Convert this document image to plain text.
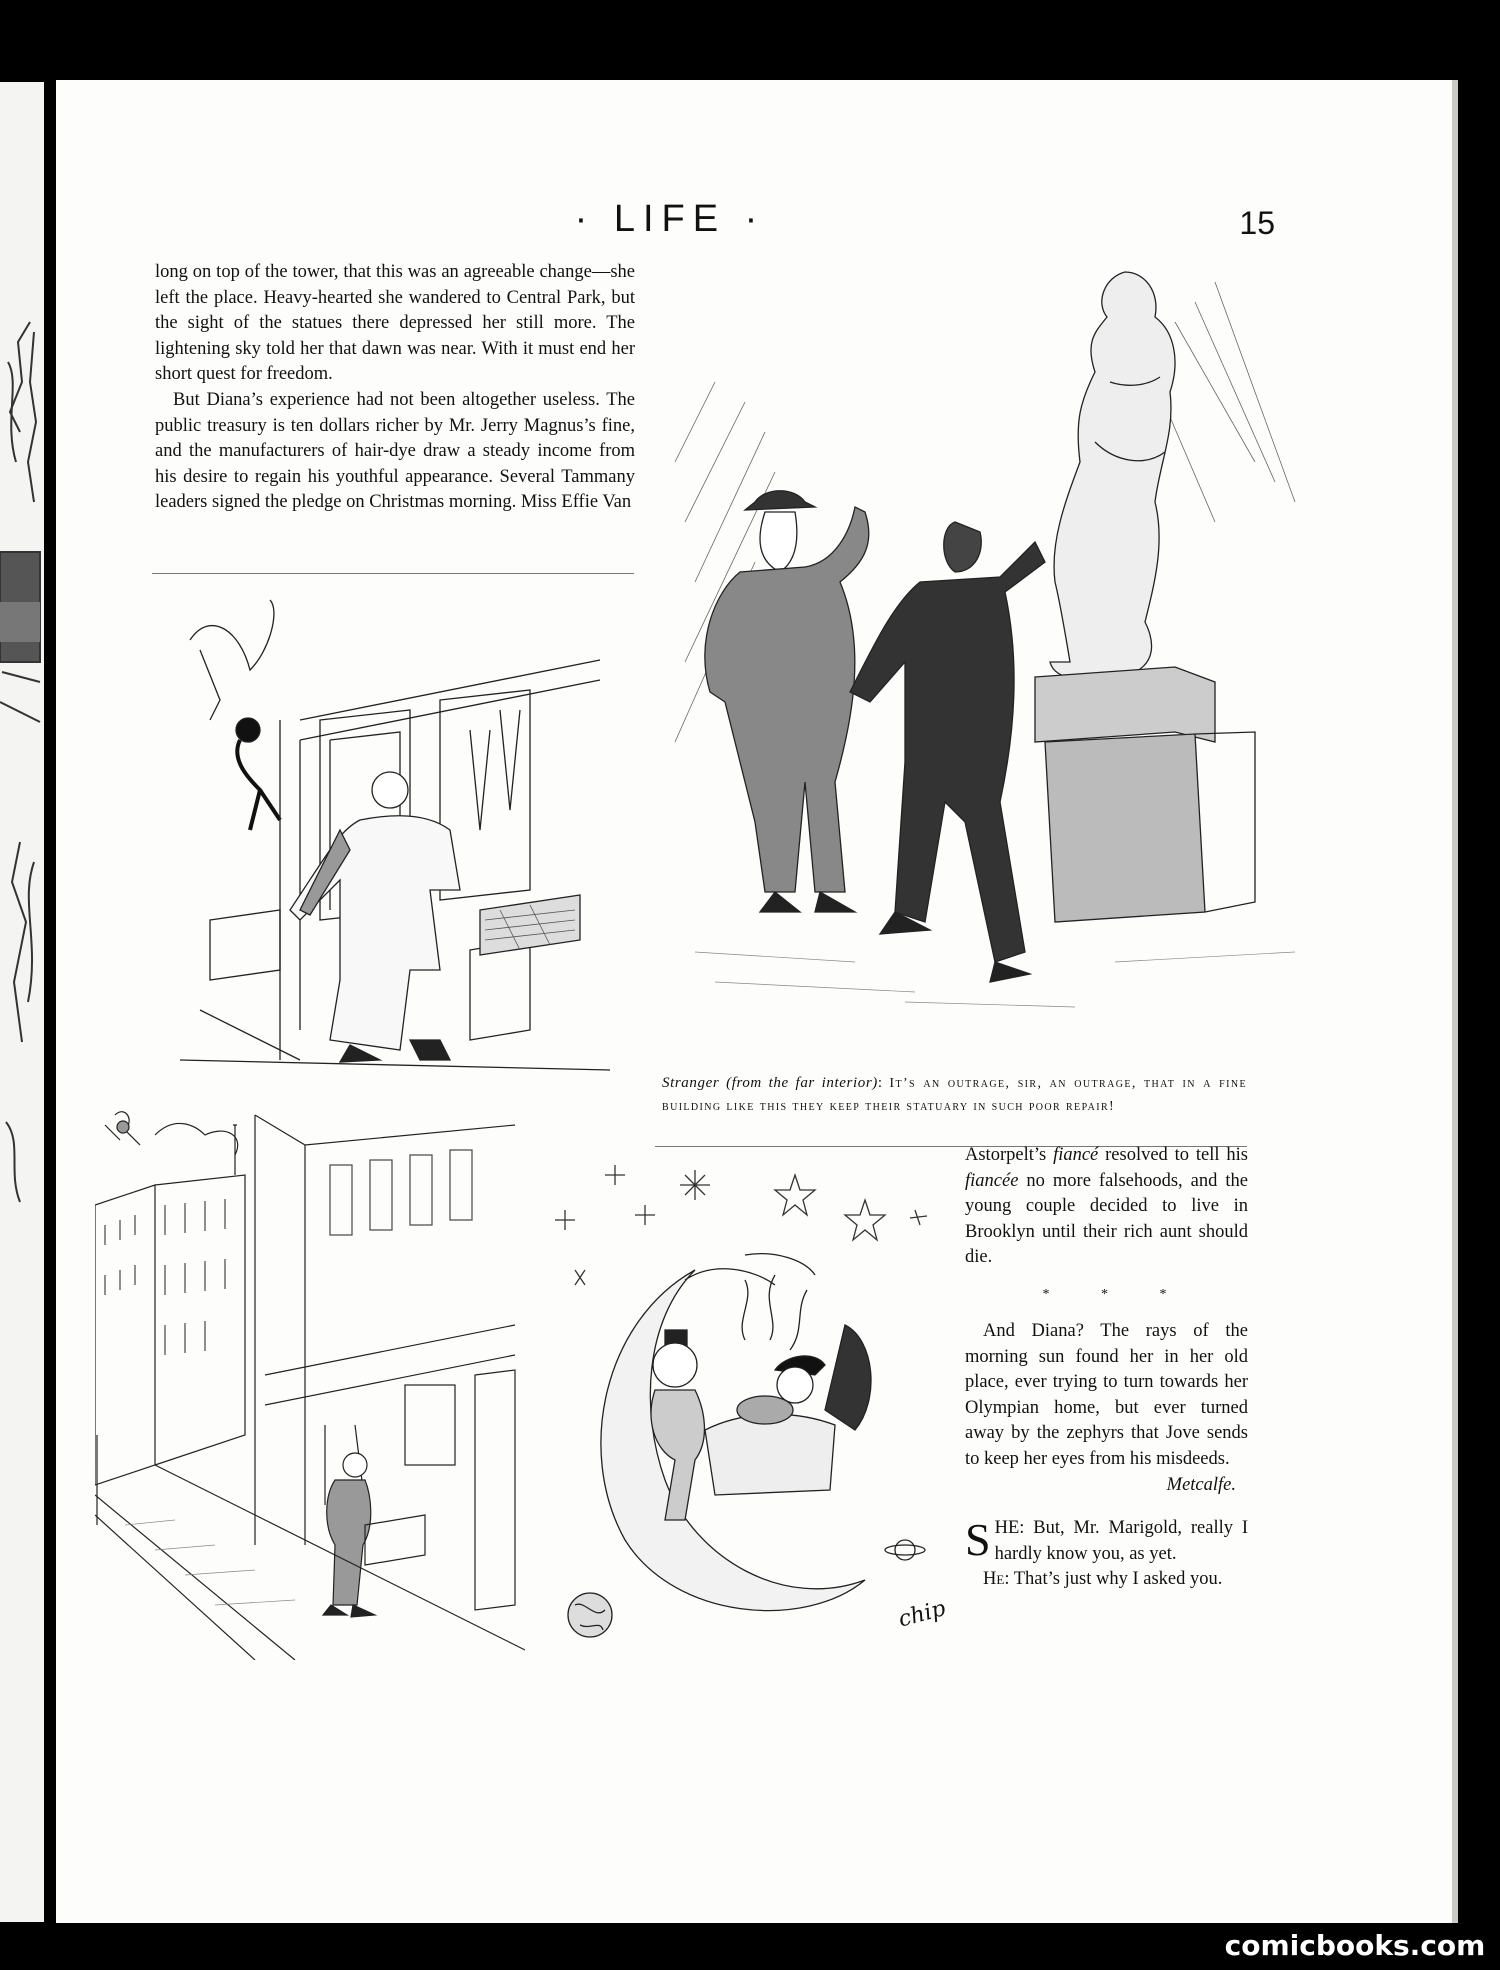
· LIFE ·	15

long on top of the tower, that this was an agreeable change—she left the place. Heavy-hearted she wandered to Central Park, but the sight of the statues there depressed her still more. The lightening sky told her that dawn was near. With it must end her short quest for freedom.

But Diana’s experience had not been altogether useless. The public treasury is ten dollars richer by Mr. Jerry Magnus’s fine, and the manufacturers of hair-dye draw a steady income from his desire to regain his youthful appearance. Several Tammany leaders signed the pledge on Christmas morning. Miss Effie Van

Stranger (from the far interior): It’s an outrage, sir, an outrage, that in a fine building like this they keep their statuary in such poor repair!
chip

Astorpelt’s fiancé resolved to tell his fiancée no more falsehoods, and the young couple decided to live in Brooklyn until their rich aunt should die.

* * *

And Diana? The rays of the morning sun found her in her old place, ever trying to turn towards her Olympian home, but ever turned away by the zephyrs that Jove sends to keep her eyes from his misdeeds.

Metcalfe.

SHE: But, Mr. Marigold, really I hardly know you, as yet.

He: That’s just why I asked you.

comicbooks.com
